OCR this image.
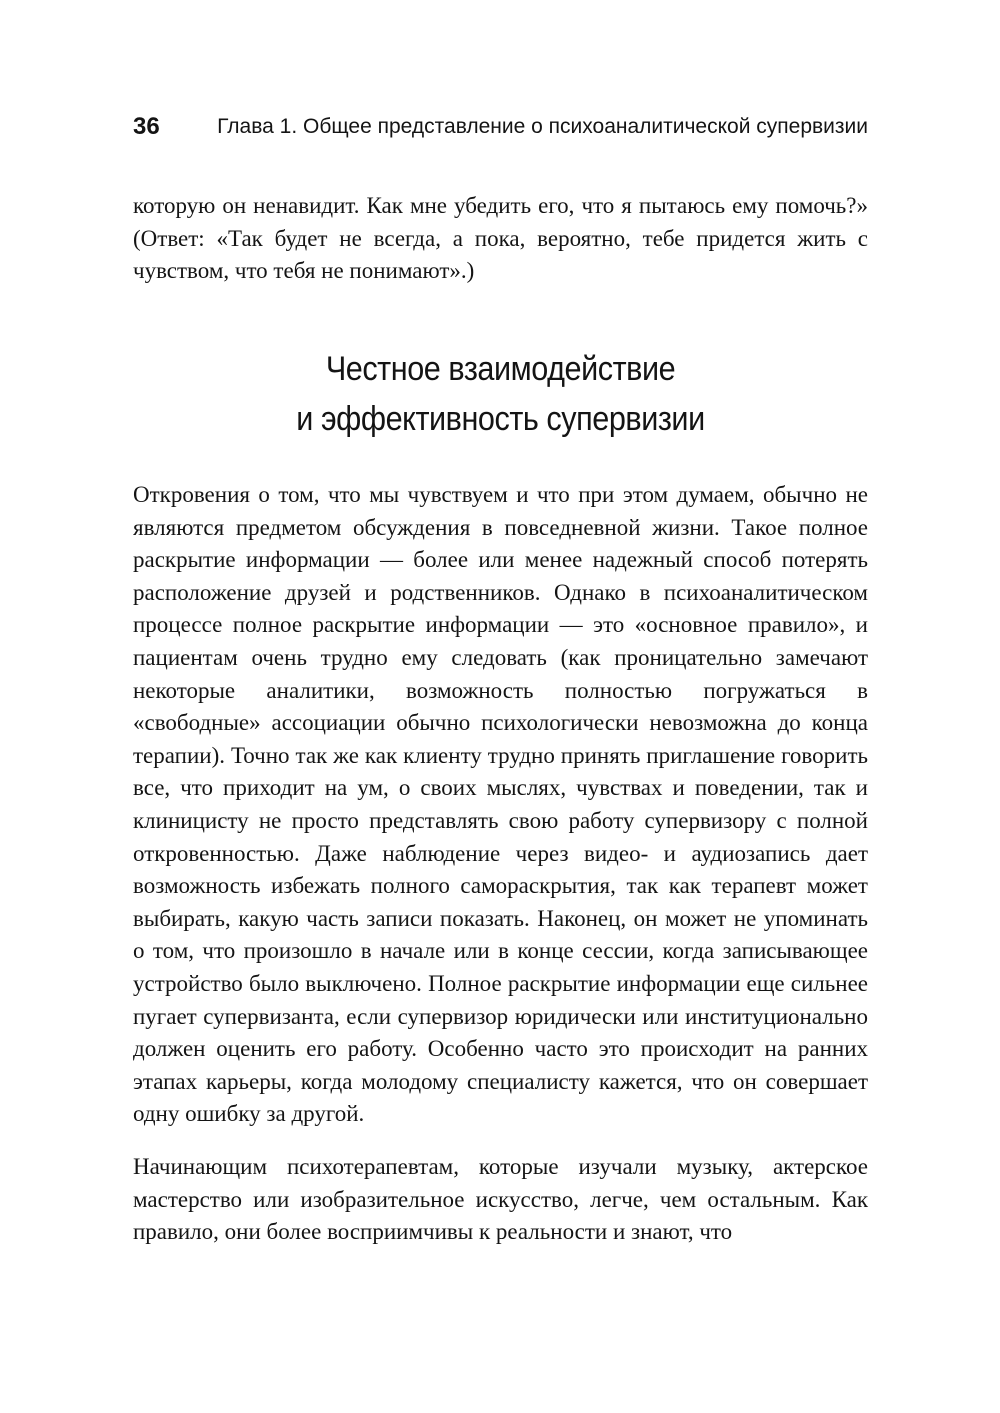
36	Глава 1. Общее представление о психоаналитической супервизии

которую он ненавидит. Как мне убедить его, что я пытаюсь ему помочь?» (Ответ: «Так будет не всегда, а пока, вероятно, тебе придется жить с чувством, что тебя не понимают».)

Честное взаимодействие
и эффективность супервизии

Откровения о том, что мы чувствуем и что при этом думаем, обычно не являются предметом обсуждения в повседневной жизни. Такое полное раскрытие информации — более или менее надежный способ потерять расположение друзей и родственников. Однако в психоаналитическом процессе полное раскрытие информации — это «основное правило», и пациентам очень трудно ему следовать (как проницательно замечают некоторые аналитики, возможность полностью погружаться в «свободные» ассоциации обычно психологически невозможна до конца терапии). Точно так же как клиенту трудно принять приглашение говорить все, что приходит на ум, о своих мыслях, чувствах и поведении, так и клиницисту не просто представлять свою работу супервизору с полной откровенностью. Даже наблюдение через видео- и аудиозапись дает возможность избежать полного самораскрытия, так как терапевт может выбирать, какую часть записи показать. Наконец, он может не упоминать о том, что произошло в начале или в конце сессии, когда записывающее устройство было выключено. Полное раскрытие информации еще сильнее пугает супервизанта, если супервизор юридически или институционально должен оценить его работу. Особенно часто это происходит на ранних этапах карьеры, когда молодому специалисту кажется, что он совершает одну ошибку за другой.

Начинающим психотерапевтам, которые изучали музыку, актерское мастерство или изобразительное искусство, легче, чем остальным. Как правило, они более восприимчивы к реальности и знают, что
